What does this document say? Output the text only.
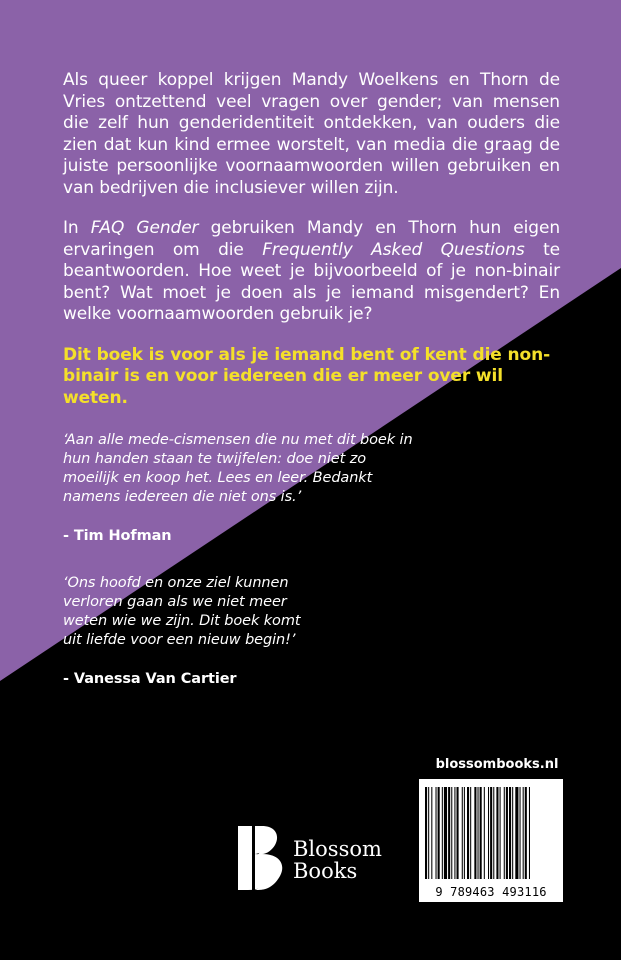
Als queer koppel krijgen Mandy Woelkens en Thorn de Vries ontzettend veel vragen over gender; van mensen die zelf hun genderidentiteit ontdekken, van ouders die zien dat kun kind ermee worstelt, van media die graag de juiste persoonlijke voornaamwoorden willen gebruiken en van bedrijven die inclusiever willen zijn.

In FAQ Gender gebruiken Mandy en Thorn hun eigen ervaringen om die Frequently Asked Questions te beantwoorden. Hoe weet je bijvoorbeeld of je non-binair bent? Wat moet je doen als je iemand misgendert? En welke voornaamwoorden gebruik je?

Dit boek is voor als je iemand bent of kent die non-binair is en voor iedereen die er meer over wil weten.

‘Aan alle mede-cismensen die nu met dit boek in hun handen staan te twijfelen: doe niet zo moeilijk en koop het. Lees en leer. Bedankt namens iedereen die niet ons is.’

- Tim Hofman

‘Ons hoofd en onze ziel kunnen verloren gaan als we niet meer weten wie we zijn. Dit boek komt uit liefde voor een nieuw begin!’

- Vanessa Van Cartier

Blossom
Books
blossombooks.nl
9 789463 493116
